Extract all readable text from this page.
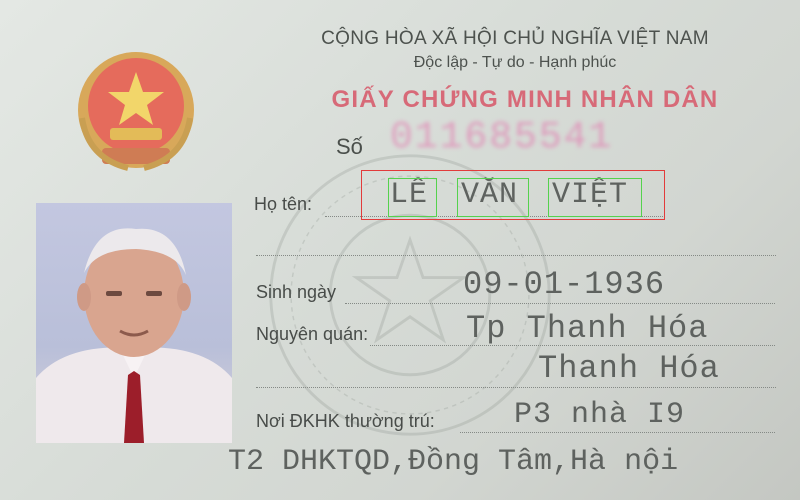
CỘNG HÒA XÃ HỘI CHỦ NGHĨA VIỆT NAM
Độc lập - Tự do - Hạnh phúc
GIẤY CHỨNG MINH NHÂN DÂN
Số 011685541
Họ tên:	LÊ VĂN VIỆT
Sinh ngày	09-01-1936
Nguyên quán:	Tp Thanh Hóa
Thanh Hóa
Nơi ĐKHK thường trú:	P3 nhà I9
T2 DHKTQD,Đồng Tâm,Hà nội
